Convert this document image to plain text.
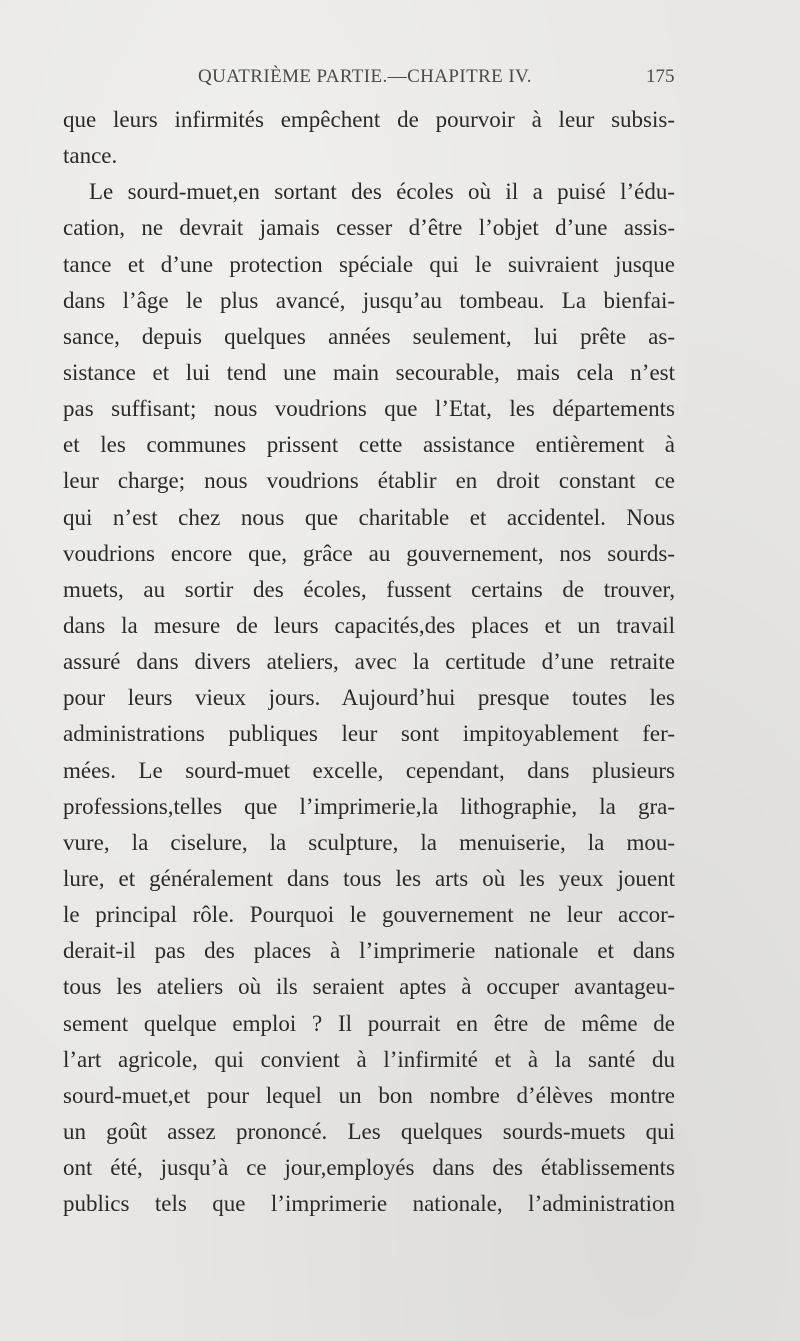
QUATRIÈME PARTIE.—CHAPITRE IV.	175
que leurs infirmités empêchent de pourvoir à leur subsis-
tance.
Le sourd-muet,en sortant des écoles où il a puisé l’édu-
cation, ne devrait jamais cesser d’être l’objet d’une assis-
tance et d’une protection spéciale qui le suivraient jusque
dans l’âge le plus avancé, jusqu’au tombeau. La bienfai-
sance, depuis quelques années seulement, lui prête as-
sistance et lui tend une main secourable, mais cela n’est
pas suffisant; nous voudrions que l’Etat, les départements
et les communes prissent cette assistance entièrement à
leur charge; nous voudrions établir en droit constant ce
qui n’est chez nous que charitable et accidentel. Nous
voudrions encore que, grâce au gouvernement, nos sourds-
muets, au sortir des écoles, fussent certains de trouver,
dans la mesure de leurs capacités,des places et un travail
assuré dans divers ateliers, avec la certitude d’une retraite
pour leurs vieux jours. Aujourd’hui presque toutes les
administrations publiques leur sont impitoyablement fer-
mées. Le sourd-muet excelle, cependant, dans plusieurs
professions,telles que l’imprimerie,la lithographie, la gra-
vure, la ciselure, la sculpture, la menuiserie, la mou-
lure, et généralement dans tous les arts où les yeux jouent
le principal rôle. Pourquoi le gouvernement ne leur accor-
derait-il pas des places à l’imprimerie nationale et dans
tous les ateliers où ils seraient aptes à occuper avantageu-
sement quelque emploi ? Il pourrait en être de même de
l’art agricole, qui convient à l’infirmité et à la santé du
sourd-muet,et pour lequel un bon nombre d’élèves montre
un goût assez prononcé. Les quelques sourds-muets qui
ont été, jusqu’à ce jour,employés dans des établissements
publics tels que l’imprimerie nationale, l’administration
